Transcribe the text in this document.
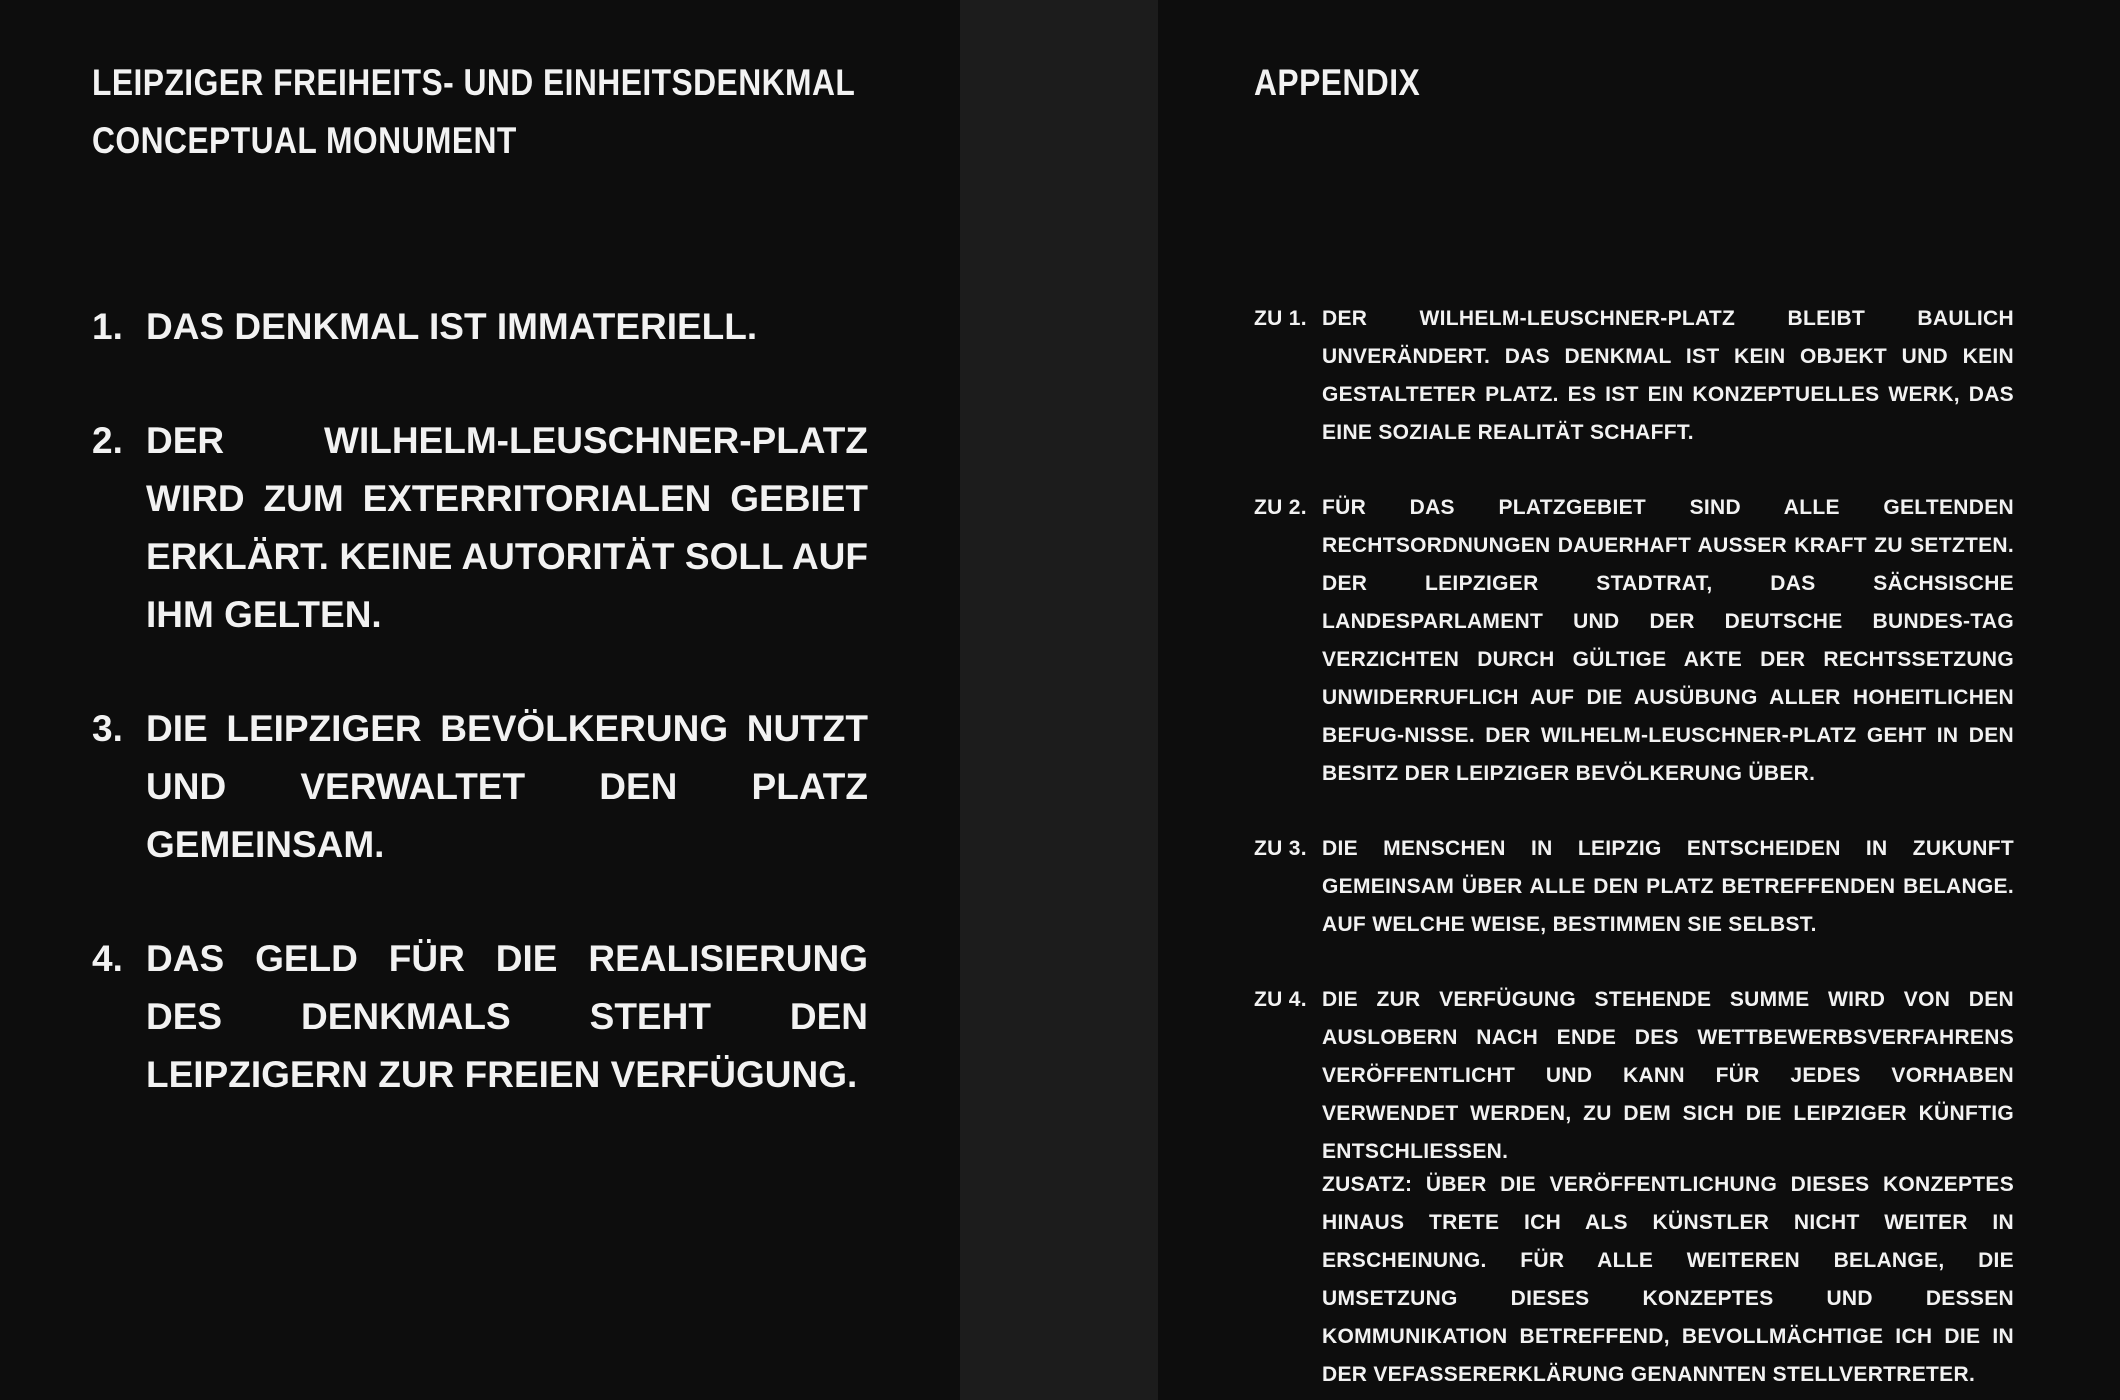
LEIPZIGER FREIHEITS- UND EINHEITSDENKMAL
CONCEPTUAL MONUMENT
1. DAS DENKMAL IST IMMATERIELL.
2. DER WILHELM-LEUSCHNER-PLATZ WIRD ZUM EXTERRITORIALEN GEBIET ERKLÄRT. KEINE AUTORITÄT SOLL AUF IHM GELTEN.
3. DIE LEIPZIGER BEVÖLKERUNG NUTZT UND VERWALTET DEN PLATZ GEMEINSAM.
4. DAS GELD FÜR DIE REALISIERUNG DES DENKMALS STEHT DEN LEIPZIGERN ZUR FREIEN VERFÜGUNG.
APPENDIX
ZU 1. DER WILHELM-LEUSCHNER-PLATZ BLEIBT BAULICH UNVERÄNDERT. DAS DENKMAL IST KEIN OBJEKT UND KEIN GESTALTETER PLATZ. ES IST EIN KONZEPTUELLES WERK, DAS EINE SOZIALE REALITÄT SCHAFFT.
ZU 2. FÜR DAS PLATZGEBIET SIND ALLE GELTENDEN RECHTSORDNUNGEN DAUERHAFT AUSSER KRAFT ZU SETZTEN. DER LEIPZIGER STADTRAT, DAS SÄCHSISCHE LANDESPARLAMENT UND DER DEUTSCHE BUNDES-TAG VERZICHTEN DURCH GÜLTIGE AKTE DER RECHTSSETZUNG UNWIDERRUFLICH AUF DIE AUSÜBUNG ALLER HOHEITLICHEN BEFUG-NISSE. DER WILHELM-LEUSCHNER-PLATZ GEHT IN DEN BESITZ DER LEIPZIGER BEVÖLKERUNG ÜBER.
ZU 3. DIE MENSCHEN IN LEIPZIG ENTSCHEIDEN IN ZUKUNFT GEMEINSAM ÜBER ALLE DEN PLATZ BETREFFENDEN BELANGE. AUF WELCHE WEISE, BESTIMMEN SIE SELBST.
ZU 4. DIE ZUR VERFÜGUNG STEHENDE SUMME WIRD VON DEN AUSLOBERN NACH ENDE DES WETTBEWERBSVERFAHRENS VERÖFFENTLICHT UND KANN FÜR JEDES VORHABEN VERWENDET WERDEN, ZU DEM SICH DIE LEIPZIGER KÜNFTIG ENTSCHLIESSEN.

ZUSATZ: ÜBER DIE VERÖFFENTLICHUNG DIESES KONZEPTES HINAUS TRETE ICH ALS KÜNSTLER NICHT WEITER IN ERSCHEINUNG. FÜR ALLE WEITEREN BELANGE, DIE UMSETZUNG DIESES KONZEPTES UND DESSEN KOMMUNIKATION BETREFFEND, BEVOLLMÄCHTIGE ICH DIE IN DER VEFASSERERKLÄRUNG GENANNTEN STELLVERTRETER.
